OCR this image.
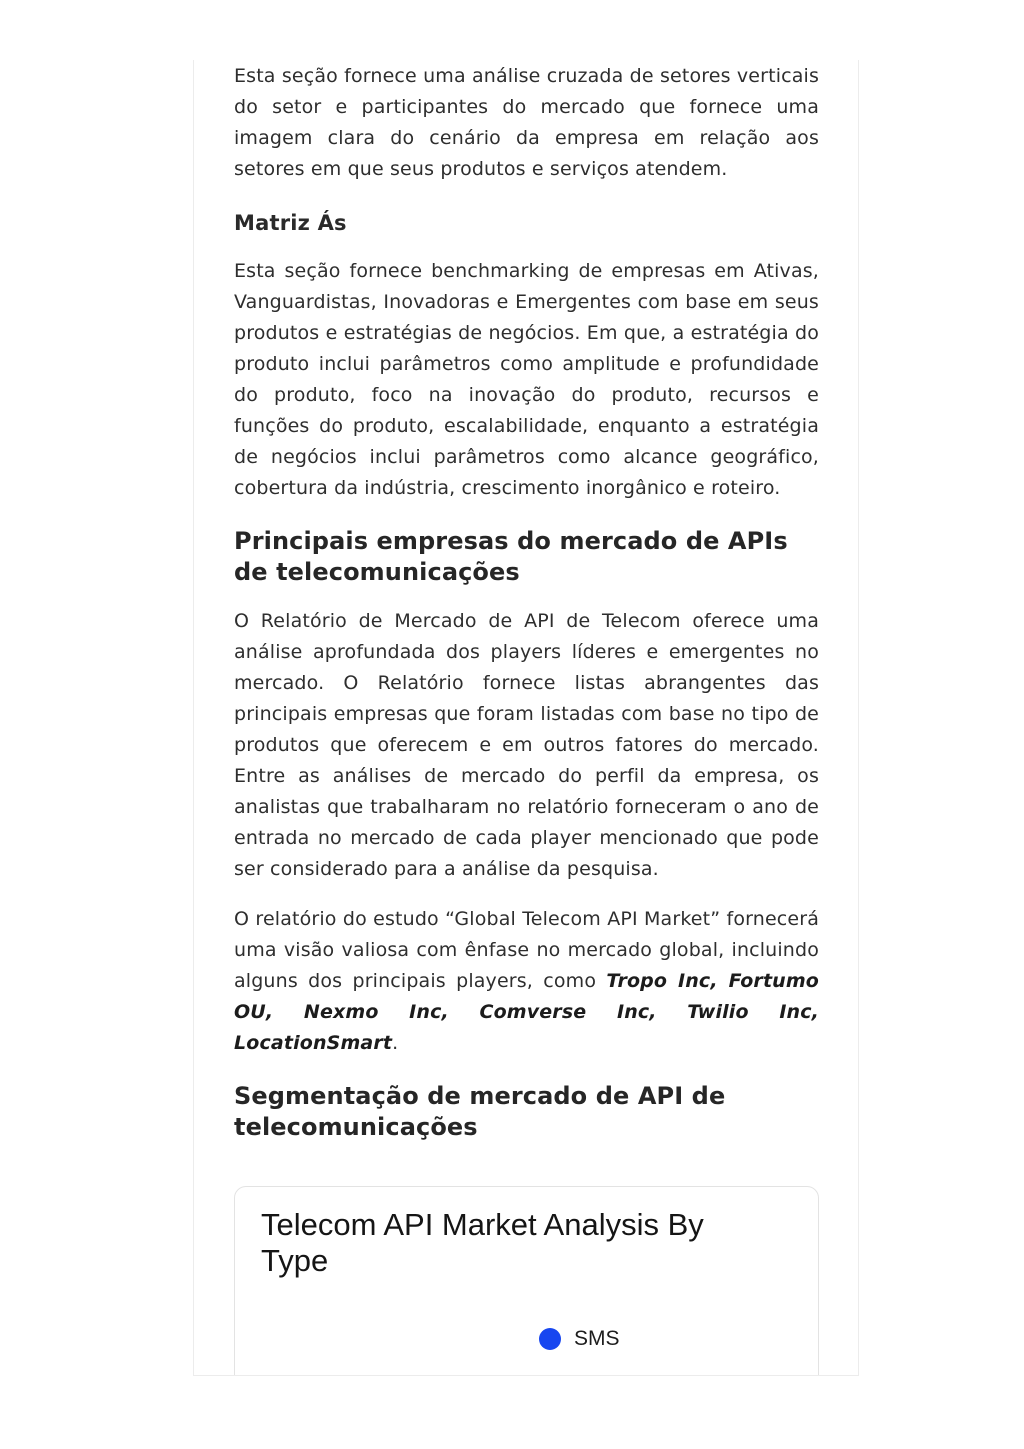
Esta seção fornece uma análise cruzada de setores verticais do setor e participantes do mercado que fornece uma imagem clara do cenário da empresa em relação aos setores em que seus produtos e serviços atendem.

Matriz Ás

Esta seção fornece benchmarking de empresas em Ativas, Vanguardistas, Inovadoras e Emergentes com base em seus produtos e estratégias de negócios. Em que, a estratégia do produto inclui parâmetros como amplitude e profundidade do produto, foco na inovação do produto, recursos e funções do produto, escalabilidade, enquanto a estratégia de negócios inclui parâmetros como alcance geográfico, cobertura da indústria, crescimento inorgânico e roteiro.

Principais empresas do mercado de APIs de telecomunicações

O Relatório de Mercado de API de Telecom oferece uma análise aprofundada dos players líderes e emergentes no mercado. O Relatório fornece listas abrangentes das principais empresas que foram listadas com base no tipo de produtos que oferecem e em outros fatores do mercado. Entre as análises de mercado do perfil da empresa, os analistas que trabalharam no relatório forneceram o ano de entrada no mercado de cada player mencionado que pode ser considerado para a análise da pesquisa.

O relatório do estudo “Global Telecom API Market” fornecerá uma visão valiosa com ênfase no mercado global, incluindo alguns dos principais players, como Tropo Inc, Fortumo OU, Nexmo Inc, Comverse Inc, Twilio Inc, LocationSmart.

Segmentação de mercado de API de telecomunicações
Telecom API Market Analysis By Type
SMS
